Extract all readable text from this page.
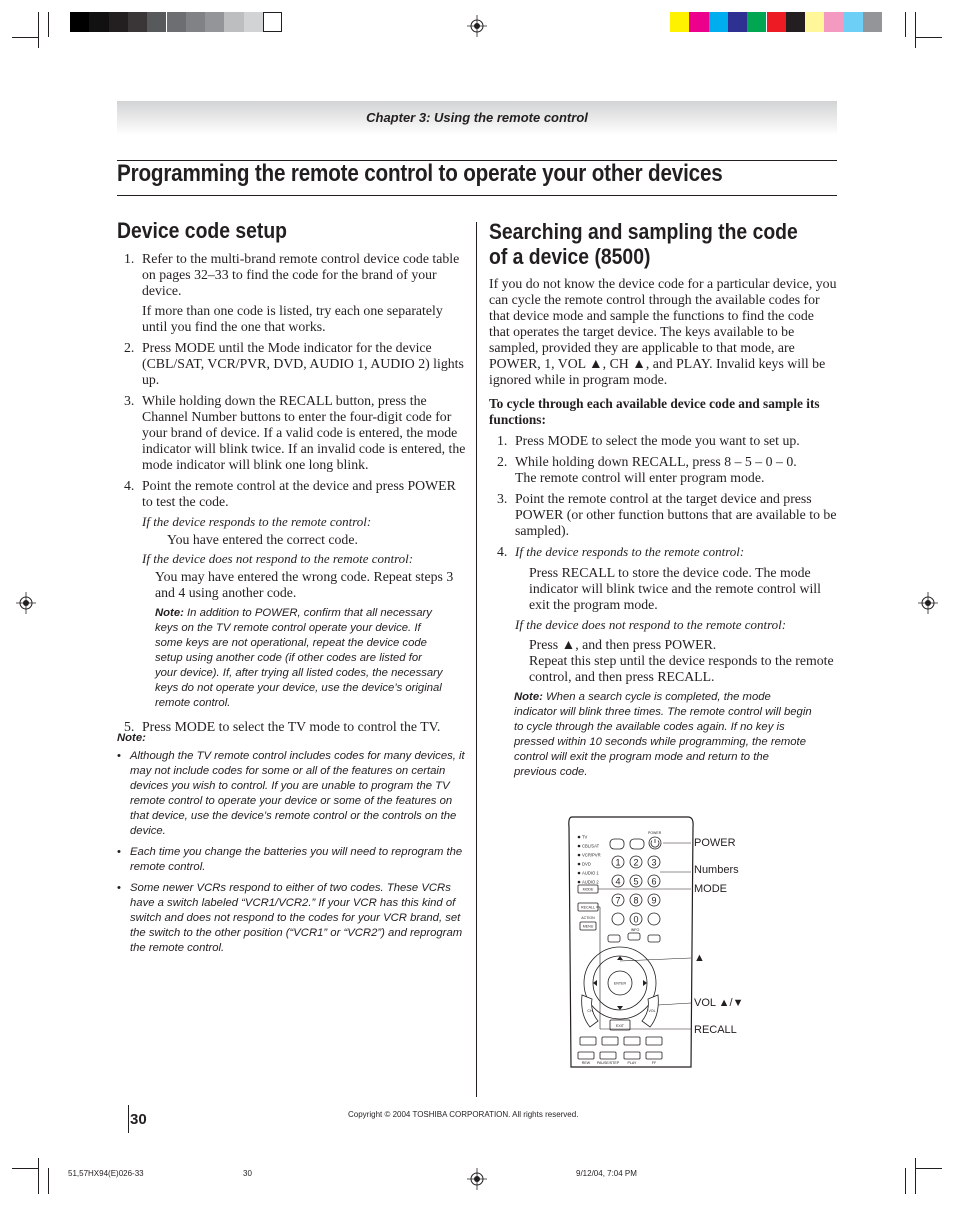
Chapter 3: Using the remote control
Programming the remote control to operate your other devices
Device code setup
1. Refer to the multi-brand remote control device code table on pages 32–33 to find the code for the brand of your device.
If more than one code is listed, try each one separately until you find the one that works.
2. Press MODE until the Mode indicator for the device (CBL/SAT, VCR/PVR, DVD, AUDIO 1, AUDIO 2) lights up.
3. While holding down the RECALL button, press the Channel Number buttons to enter the four-digit code for your brand of device. If a valid code is entered, the mode indicator will blink twice. If an invalid code is entered, the mode indicator will blink one long blink.
4. Point the remote control at the device and press POWER to test the code.
If the device responds to the remote control:
You have entered the correct code.
If the device does not respond to the remote control:
You may have entered the wrong code. Repeat steps 3 and 4 using another code.
Note: In addition to POWER, confirm that all necessary keys on the TV remote control operate your device. If some keys are not operational, repeat the device code setup using another code (if other codes are listed for your device). If, after trying all listed codes, the necessary keys do not operate your device, use the device’s original remote control.
5. Press MODE to select the TV mode to control the TV.
Note:
• Although the TV remote control includes codes for many devices, it may not include codes for some or all of the features on certain devices you wish to control. If you are unable to program the TV remote control to operate your device or some of the features on that device, use the device’s remote control or the controls on the device.
• Each time you change the batteries you will need to reprogram the remote control.
• Some newer VCRs respond to either of two codes. These VCRs have a switch labeled “VCR1/VCR2.” If your VCR has this kind of switch and does not respond to the codes for your VCR brand, set the switch to the other position (“VCR1” or “VCR2”) and reprogram the remote control.
Searching and sampling the code
of a device (8500)
If you do not know the device code for a particular device, you can cycle the remote control through the available codes for that device mode and sample the functions to find the code that operates the target device. The keys available to be sampled, provided they are applicable to that mode, are POWER, 1, VOL ▲, CH ▲, and PLAY. Invalid keys will be ignored while in program mode.
To cycle through each available device code and sample its functions:
1. Press MODE to select the mode you want to set up.
2. While holding down RECALL, press 8 – 5 – 0 – 0.
The remote control will enter program mode.
3. Point the remote control at the target device and press POWER (or other function buttons that are available to be sampled).
4. If the device responds to the remote control:
Press RECALL to store the device code. The mode indicator will blink twice and the remote control will exit the program mode.
If the device does not respond to the remote control:
Press ▲, and then press POWER.
Repeat this step until the device responds to the remote control, and then press RECALL.
Note: When a search cycle is completed, the mode indicator will blink three times. The remote control will begin to cycle through the available codes again. If no key is pressed within 10 seconds while programming, the remote control will exit the program mode and return to the previous code.
TV
CBL/SAT
VCR/PVR
DVD
AUDIO 1
AUDIO 2
POWER
1 2 3
4 5 6
7 8 9
0
MODE
RECALL
ACTION
MENU
INFO
ENTER
EXIT
CH	VOL
REW PAUSE/STEP PLAY	FF
POWER
Numbers
MODE
▲
VOL ▲/▼
RECALL
30	Copyright © 2004 TOSHIBA CORPORATION. All rights reserved.
51,57HX94(E)026-33	30	9/12/04, 7:04 PM
